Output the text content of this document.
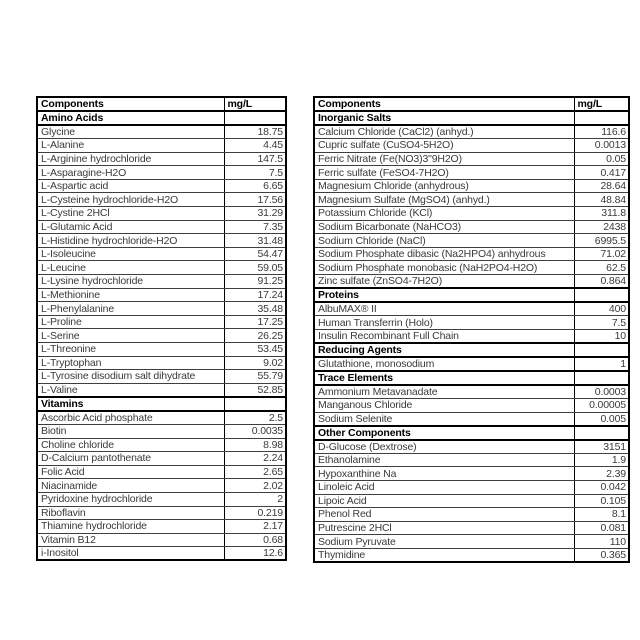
Components	mg/L
Amino Acids	
Glycine	18.75
L-Alanine	4.45
L-Arginine hydrochloride	147.5
L-Asparagine-H2O	7.5
L-Aspartic acid	6.65
L-Cysteine hydrochloride-H2O	17.56
L-Cystine 2HCl	31.29
L-Glutamic Acid	7.35
L-Histidine hydrochloride-H2O	31.48
L-Isoleucine	54.47
L-Leucine	59.05
L-Lysine hydrochloride	91.25
L-Methionine	17.24
L-Phenylalanine	35.48
L-Proline	17.25
L-Serine	26.25
L-Threonine	53.45
L-Tryptophan	9.02
L-Tyrosine disodium salt dihydrate	55.79
L-Valine	52.85
Vitamins	
Ascorbic Acid phosphate	2.5
Biotin	0.0035
Choline chloride	8.98
D-Calcium pantothenate	2.24
Folic Acid	2.65
Niacinamide	2.02
Pyridoxine hydrochloride	2
Riboflavin	0.219
Thiamine hydrochloride	2.17
Vitamin B12	0.68
i-Inositol	12.6
Components	mg/L
Inorganic Salts	
Calcium Chloride (CaCl2) (anhyd.)	116.6
Cupric sulfate (CuSO4-5H2O)	0.0013
Ferric Nitrate (Fe(NO3)3"9H2O)	0.05
Ferric sulfate (FeSO4-7H2O)	0.417
Magnesium Chloride (anhydrous)	28.64
Magnesium Sulfate (MgSO4) (anhyd.)	48.84
Potassium Chloride (KCl)	311.8
Sodium Bicarbonate (NaHCO3)	2438
Sodium Chloride (NaCl)	6995.5
Sodium Phosphate dibasic (Na2HPO4) anhydrous	71.02
Sodium Phosphate monobasic (NaH2PO4-H2O)	62.5
Zinc sulfate (ZnSO4-7H2O)	0.864
Proteins	
AlbuMAX® II	400
Human Transferrin (Holo)	7.5
Insulin Recombinant Full Chain	10
Reducing Agents	
Glutathione, monosodium	1
Trace Elements	
Ammonium Metavanadate	0.0003
Manganous Chloride	0.00005
Sodium Selenite	0.005
Other Components	
D-Glucose (Dextrose)	3151
Ethanolamine	1.9
Hypoxanthine Na	2.39
Linoleic Acid	0.042
Lipoic Acid	0.105
Phenol Red	8.1
Putrescine 2HCl	0.081
Sodium Pyruvate	110
Thymidine	0.365
